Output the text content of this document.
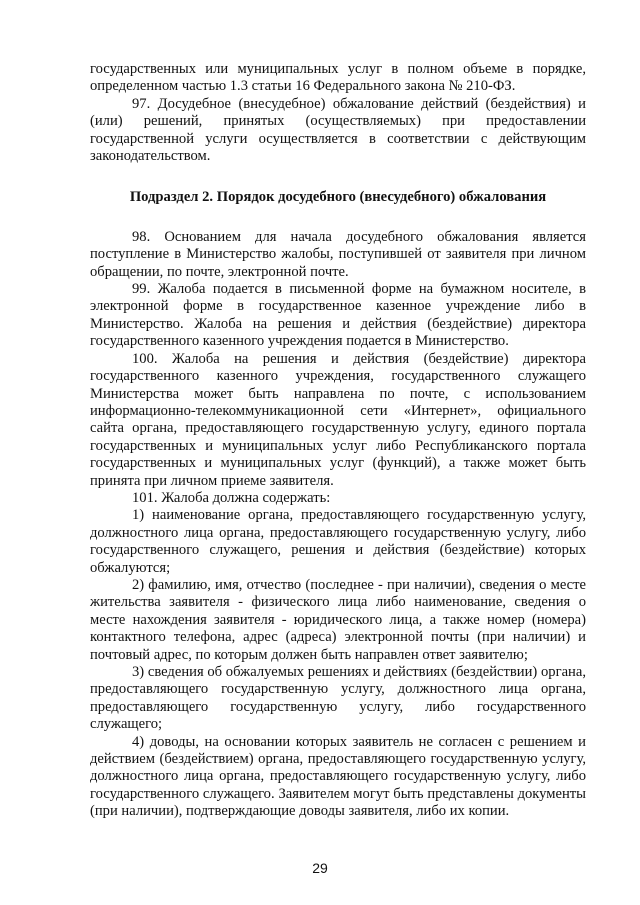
государственных или муниципальных услуг в полном объеме в порядке, определенном частью 1.3 статьи 16 Федерального закона № 210-ФЗ.

97. Досудебное (внесудебное) обжалование действий (бездействия) и (или) решений, принятых (осуществляемых) при предоставлении государственной услуги осуществляется в соответствии с действующим законодательством.

Подраздел 2. Порядок досудебного (внесудебного) обжалования

98. Основанием для начала досудебного обжалования является поступление в Министерство жалобы, поступившей от заявителя при личном обращении, по почте, электронной почте.

99. Жалоба подается в письменной форме на бумажном носителе, в электронной форме в государственное казенное учреждение либо в Министерство. Жалоба на решения и действия (бездействие) директора государственного казенного учреждения подается в Министерство.

100. Жалоба на решения и действия (бездействие) директора государственного казенного учреждения, государственного служащего Министерства может быть направлена по почте, с использованием информационно-телекоммуникационной сети «Интернет», официального сайта органа, предоставляющего государственную услугу, единого портала государственных и муниципальных услуг либо Республиканского портала государственных и муниципальных услуг (функций), а также может быть принята при личном приеме заявителя.

101. Жалоба должна содержать:

1) наименование органа, предоставляющего государственную услугу, должностного лица органа, предоставляющего государственную услугу, либо государственного служащего, решения и действия (бездействие) которых обжалуются;

2) фамилию, имя, отчество (последнее - при наличии), сведения о месте жительства заявителя - физического лица либо наименование, сведения о месте нахождения заявителя - юридического лица, а также номер (номера) контактного телефона, адрес (адреса) электронной почты (при наличии) и почтовый адрес, по которым должен быть направлен ответ заявителю;

3) сведения об обжалуемых решениях и действиях (бездействии) органа, предоставляющего государственную услугу, должностного лица органа, предоставляющего государственную услугу, либо государственного служащего;

4) доводы, на основании которых заявитель не согласен с решением и действием (бездействием) органа, предоставляющего государственную услугу, должностного лица органа, предоставляющего государственную услугу, либо государственного служащего. Заявителем могут быть представлены документы (при наличии), подтверждающие доводы заявителя, либо их копии.

29
